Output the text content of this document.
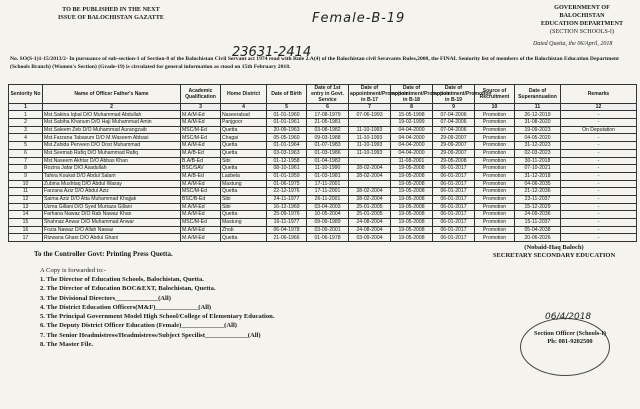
TO BE PUBLISHED IN THE NEXT
ISSUE OF BALOCHISTAN GAZATTE	Female-B-19
23631-2414
GOVERNMENT OF BALOCHISTAN
EDUCATION DEPARTMENT
(SECTION SCHOOLS-I)
Dated Quetta, the 06/April, 2018
No. SO(S-1)1-15/2013/2- In pursuance of sub-section-1 of Section-8 of the Balochistan Civil Servant act 1974 read with Rule 2.A(4) of the Balochistan civil Seravants Rules,2008, the FINAL Seniority list of members of the Balochistan Education Department (Schools Branch) (Women's Section) (Grade-19) is circulated for general information as stood on 15th February 2018.
Seniority No	Name of Officer Father's Name	Academic Qualification	Home District	Date of Birth	Date of 1st entry in Govt. Service	Date of appointment/Promotion in B-17	Date of appointment/Promotion in B-18	Date of appointment/Promotion in B-19	Source of Recruitment	Date of Superannuation	Remarks
1	2	3	4	5	6	7	8	9	10	11	12
1	Mst.Sakina Iqbal D/O Muhammad Abdullah	M.A/M-Ed	Naseerabad	01-01-1960	17-08-1979	07-06-1993	15-05-1998	07-04-2006	Promotion	26-12-2019	-
2	Mst.Sabiha Khanum D/O Haji Muhammad Amin	M.A/M-Ed	Panjgoor	01-01-1961	21-05-1981		19-02-1999	07-04-2006	Promotion	31-08-2020	-
3	Mst.Saleem Zeb D/O Muhammad Aurangzaib	MSC/M-Ed	Quetta	20-09-1963	03-08-1982	11-10-1993	04-04-2000	07-04-2006	Promotion	19-09-2023	On Deputation
4	Mst.Farzana Tabasum D/O M.Waseem Abbasi	MSC/M-Ed	Chagai	05-05-1960	09-03-1988	11-10-1993	04-04-2000	29-09-2007	Promotion	04-05-2020	-
5	Mst.Zahida Perveen D/O Dost Muhammad	M.A/M-Ed	Quetta	01-01-1964	01-07-1983	11-10-1993	04-04-2000	29-09-2007	Promotion	31-12-2023	-
6	Mst.Seemab Rafiq D/O Muhammad Rafiq	M.A/B-Ed	Quetta	03-03-1963	01-03-1986	11-10-1993	04-04-2000	29-09-2007	Promotion	02-03-2023	-
7	Mst.Naseem Akhtar D/O Abbas Khan	B.A/B-Ed	Sibi	01-12-1958	01-04-1982		11-08-2001	29-05-2008	Promotion	30-11-2018	-
8	Rozina Jafar D/O Asadullah	BSC/SAV	Quetta	08-10-1961	11-10-1990	28-02-2004	19-05-2008	06-01-2017	Promotion	07-10-2021	-
9	Tahira Koukat D/O Abdul Salam	M.A/B-Ed	Lasbela	01-01-1959	01-03-1981	28-02-2004	19-05-2008	06-01-2017	Promotion	31-12-2018	-
10	Zubina Mushtaq D/O Abdul Wasay	M.A/M-Ed	Mastung	01-06-1975	17-11-2001		19-05-2008	06-01-2017	Promotion	04-06-2035	-
11	Farzana Aziz D/O Abdul Aziz	MSC/M-Ed	Quetta	22-12-1976	17-11-2001	28-02-2004	19-05-2008	06-01-2017	Promotion	21-12-2036	-
12	Saima Aziz D/O Atta Muhammad Khajjak	BSC/B-Ed	Sibi	24-11-1977	26-11-2001	28-02-2004	19-05-2008	06-01-2017	Promotion	23-11-2037	-
13	Uzma Gillani D/O Syed Murtaza Gillani	M.A/M-Ed	Sibi	16-12-1969	03-04-2003	25-01-2005	19-05-2008	06-01-2017	Promotion	15-12-2029	-
14	Farhana Nawaz D/O Rab Nawaz Khan	M.A/M-Ed	Quetta	25-09-1976	10-05-2004	25-01-2005	19-05-2008	06-01-2017	Promotion	24-09-2036	-
15	Shahnaz Anwar D/O Muhammad Anwar	MSC/M-Ed	Mastung	16-11-1977	09-09-1989	24-08-2004	19-05-2008	06-01-2017	Promotion	15-11-2037	-
16	Fozia Nawaz D/O Allah Nawaz	M.A/M-Ed	Zhob	06-04-1978	03-09-2001	24-08-2004	19-05-2008	06-01-2017	Promotion	05-04-2038	-
17	Rizwana Ghani D/O Abdul Ghani	M.A/M-Ed	Quetta	21-06-1966	01-06-1978	03-09-2004	19-05-2008	06-01-2017	Promotion	20-06-2026	-
To the Controller Govt: Printing Press Quetta.
A Copy is forwarded to:-
1. The Director of Education Schools, Balochistan, Quetta.
2. The Director of Education BOC&EXT, Balochistan, Quetta.
3. The Divisional Directors_____________(All)
4. The District Education Officers(M&F)_____________(All)
5. The Principal Government Model High School/College of Elementary Education.
6. The Deputy District Officer Education (Female)_____________(All)
7. The Senior Headmistress/Headmistress/Subject Specilist_____________(All)
8. The Master File.
(Nobaid-Haq Baloch)
SECRETARY SECONDARY EDUCATION
06/4/2018
Section Officer (Schools-I)
Ph: 081-9202500
